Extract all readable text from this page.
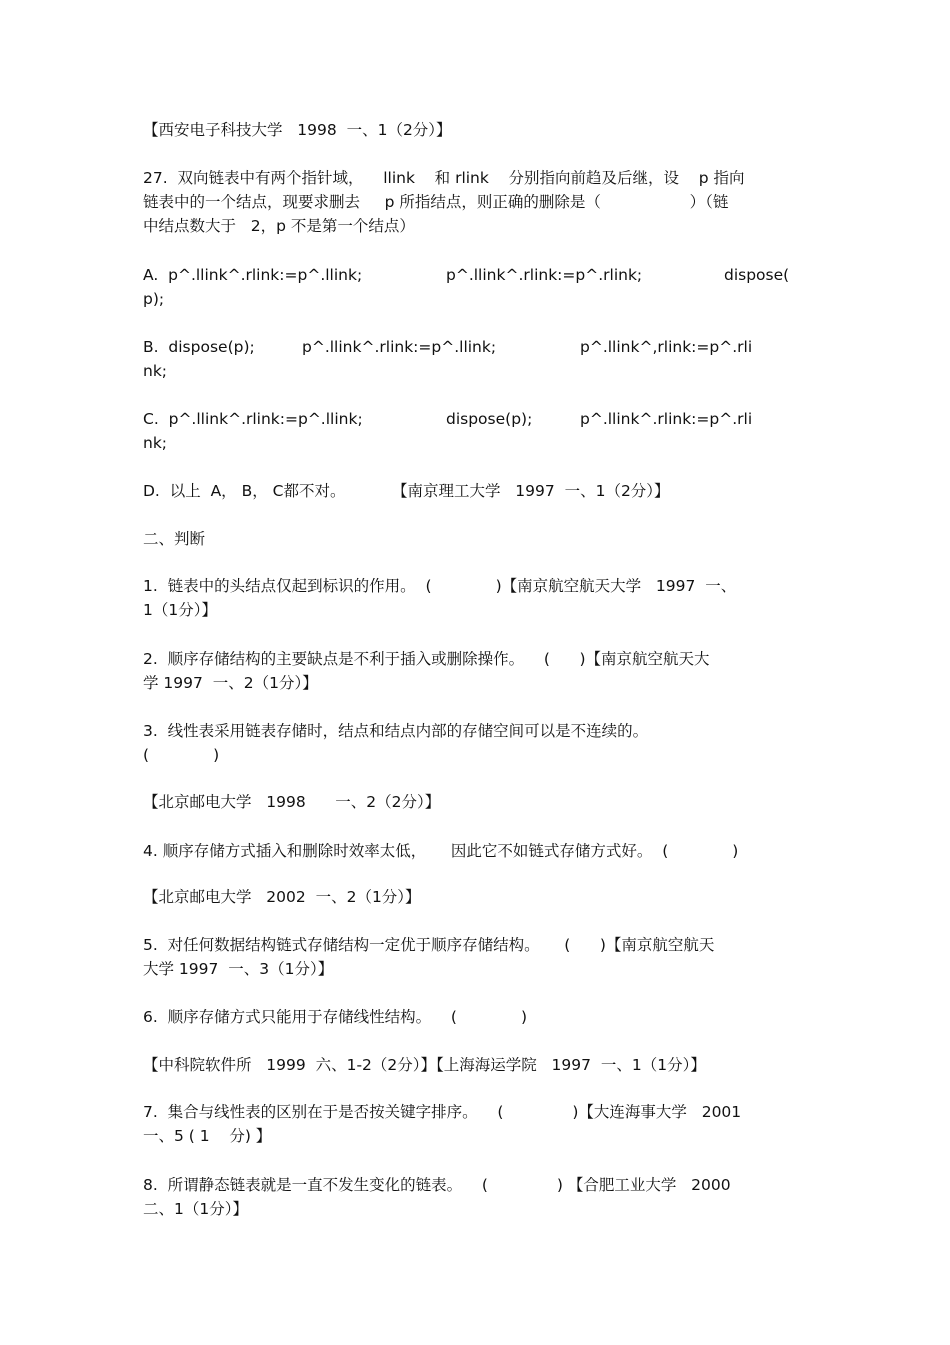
【西安电子科技大学   1998  一、1（2分）】
27.  双向链表中有两个指针域，    llink    和 rlink    分别指向前趋及后继，设    p 指向
链表中的一个结点，现要求删去     p 所指结点，则正确的删除是（                  ）（链
中结点数大于   2，p 不是第一个结点）
A.  p^.llink^.rlink:=p^.llink;	p^.llink^.rlink:=p^.rlink;	dispose(
p);
B.  dispose(p);	p^.llink^.rlink:=p^.llink;	p^.llink^,rlink:=p^.rli
nk;
C.  p^.llink^.rlink:=p^.llink;	dispose(p);	p^.llink^.rlink:=p^.rli
nk;
D.  以上  A， B， C都不对。	【南京理工大学   1997  一、1（2分）】
二、判断
1.  链表中的头结点仅起到标识的作用。  (             )【南京航空航天大学   1997  一、
1（1分）】
2.  顺序存储结构的主要缺点是不利于插入或删除操作。    (      )【南京航空航天大
学 1997  一、2（1分）】
3.  线性表采用链表存储时，结点和结点内部的存储空间可以是不连续的。
(             )
【北京邮电大学   1998      一、2（2分）】
4. 顺序存储方式插入和删除时效率太低，     因此它不如链式存储方式好。  (             )
【北京邮电大学   2002  一、2（1分）】
5.  对任何数据结构链式存储结构一定优于顺序存储结构。     (      )【南京航空航天
大学 1997  一、3（1分）】
6.  顺序存储方式只能用于存储线性结构。    (             )
【中科院软件所   1999  六、1-2（2分）】【上海海运学院   1997  一、1（1分）】
7.  集合与线性表的区别在于是否按关键字排序。    (              )【大连海事大学   2001
一、5 ( 1    分) 】
8.  所谓静态链表就是一直不发生变化的链表。    (              ) 【合肥工业大学   2000
二、1（1分）】
